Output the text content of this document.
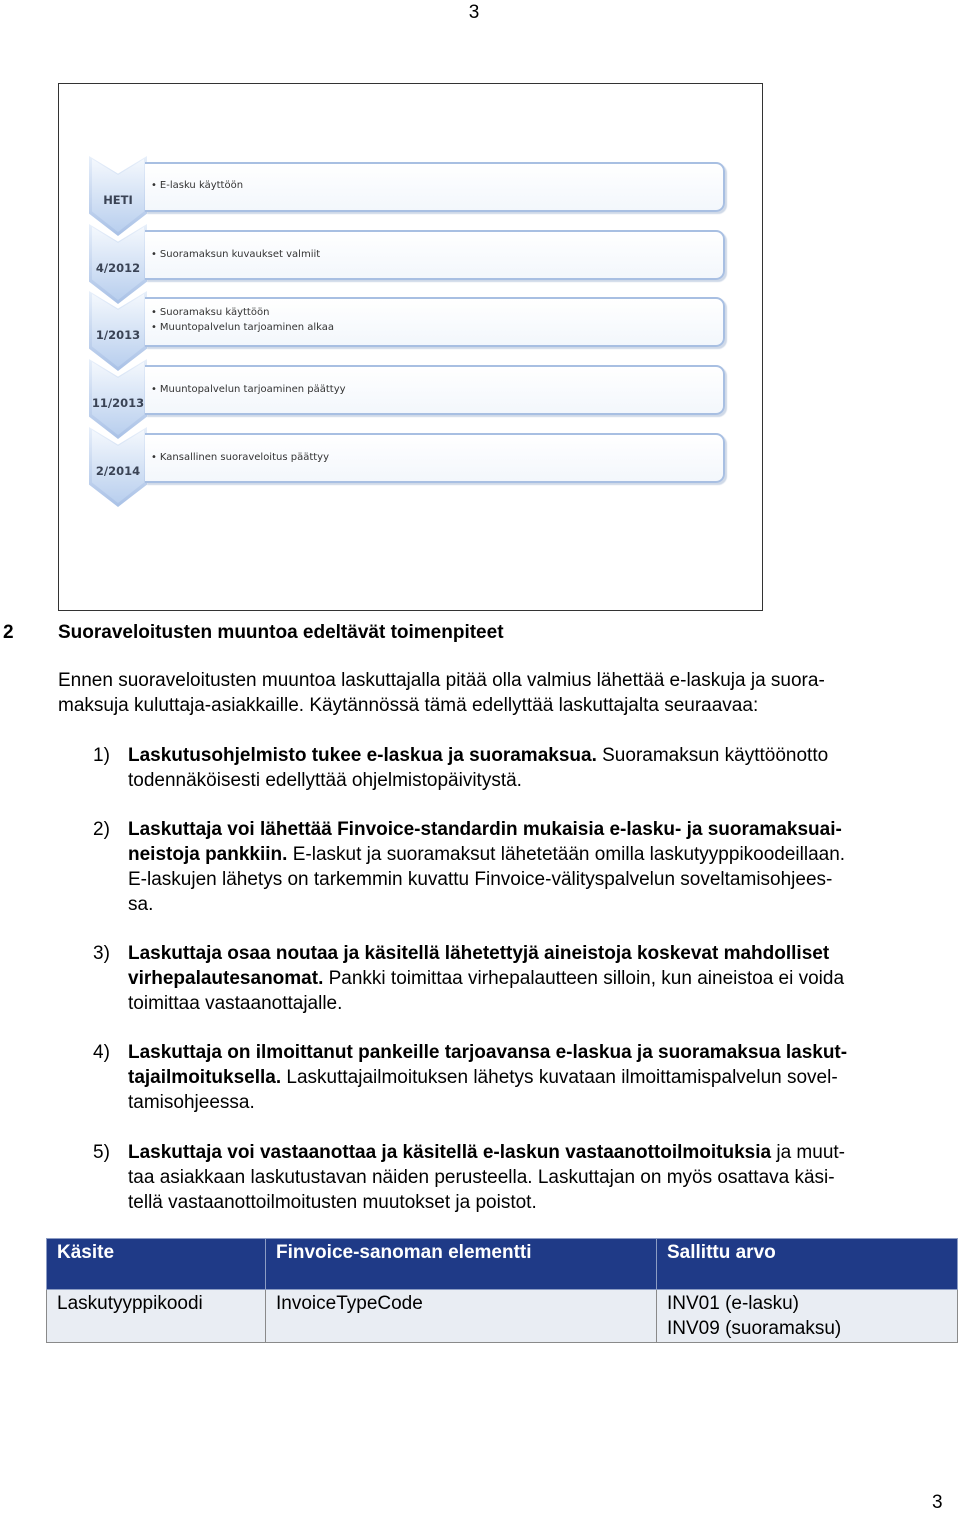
3
HETI
• E-lasku käyttöön
4/2012
• Suoramaksun kuvaukset valmiit
1/2013
• Suoramaksu käyttöön
• Muuntopalvelun tarjoaminen alkaa
11/2013
• Muuntopalvelun tarjoaminen päättyy
2/2014
• Kansallinen suoraveloitus päättyy
2 Suoraveloitusten muuntoa edeltävät toimenpiteet
Ennen suoraveloitusten muuntoa laskuttajalla pitää olla valmius lähettää e-laskuja ja suora-
maksuja kuluttaja-asiakkaille. Käytännössä tämä edellyttää laskuttajalta seuraavaa:
1) Laskutusohjelmisto tukee e-laskua ja suoramaksua. Suoramaksun käyttöönotto
todennäköisesti edellyttää ohjelmistopäivitystä.
2) Laskuttaja voi lähettää Finvoice-standardin mukaisia e-lasku- ja suoramaksuai-
neistoja pankkiin. E-laskut ja suoramaksut lähetetään omilla laskutyyppikoodeillaan.
E-laskujen lähetys on tarkemmin kuvattu Finvoice-välityspalvelun soveltamisohjees-
sa.
3) Laskuttaja osaa noutaa ja käsitellä lähetettyjä aineistoja koskevat mahdolliset
virhepalautesanomat. Pankki toimittaa virhepalautteen silloin, kun aineistoa ei voida
toimittaa vastaanottajalle.
4) Laskuttaja on ilmoittanut pankeille tarjoavansa e-laskua ja suoramaksua laskut-
tajailmoituksella. Laskuttajailmoituksen lähetys kuvataan ilmoittamispalvelun sovel-
tamisohjeessa.
5) Laskuttaja voi vastaanottaa ja käsitellä e-laskun vastaanottoilmoituksia ja muut-
taa asiakkaan laskutustavan näiden perusteella. Laskuttajan on myös osattava käsi-
tellä vastaanottoilmoitusten muutokset ja poistot.
Käsite	Finvoice-sanoman elementti	Sallittu arvo
Laskutyyppikoodi	InvoiceTypeCode	INV01 (e-lasku)
INV09 (suoramaksu)
3
